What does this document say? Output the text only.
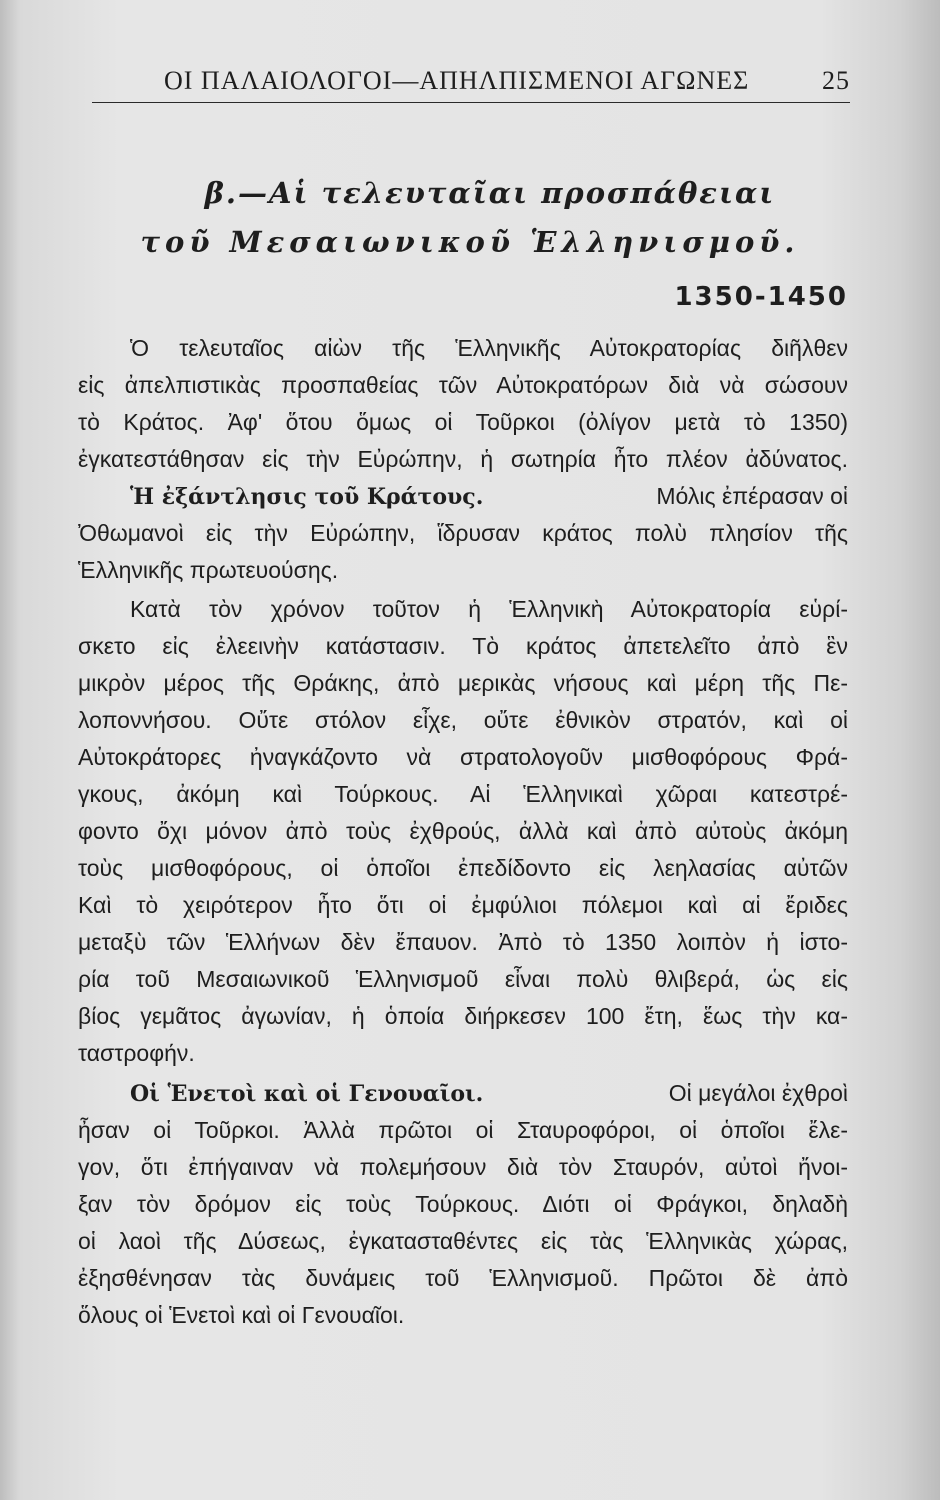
ΟΙ ΠΑΛΑΙΟΛΟΓΟΙ—ΑΠΗΛΠΙΣΜΕΝΟΙ ΑΓΩΝΕΣ	25
β.—Αἱ τελευταῖαι προσπάθειαι
τοῦ Μεσαιωνικοῦ Ἑλληνισμοῦ.
1350-1450
Ὁ τελευταῖος αἰὼν τῆς Ἑλληνικῆς Αὐτοκρατορίας διῆλθεν
εἰς ἀπελπιστικὰς προσπαθείας τῶν Αὐτοκρατόρων διὰ νὰ σώσουν
τὸ Κράτος. Ἀφ' ὅτου ὅμως οἱ Τοῦρκοι (ὀλίγον μετὰ τὸ 1350)
ἐγκατεστάθησαν εἰς τὴν Εὐρώπην, ἡ σωτηρία ἦτο πλέον ἀδύνατος.
Ἡ ἐξάντλησις τοῦ Κράτους.	Μόλις ἐπέρασαν οἱ
Ὀθωμανοὶ εἰς τὴν Εὐρώπην, ἵδρυσαν κράτος πολὺ πλησίον τῆς
Ἑλληνικῆς πρωτευούσης.
Κατὰ τὸν χρόνον τοῦτον ἡ Ἑλληνικὴ Αὐτοκρατορία εὑρί-
σκετο εἰς ἐλεεινὴν κατάστασιν. Τὸ κράτος ἀπετελεῖτο ἀπὸ ἓν
μικρὸν μέρος τῆς Θράκης, ἀπὸ μερικὰς νήσους καὶ μέρη τῆς Πε-
λοποννήσου. Οὔτε στόλον εἶχε, οὔτε ἐθνικὸν στρατόν, καὶ οἱ
Αὐτοκράτορες ἠναγκάζοντο νὰ στρατολογοῦν μισθοφόρους Φρά-
γκους, ἀκόμη καὶ Τούρκους. Αἱ Ἑλληνικαὶ χῶραι κατεστρέ-
φοντο ὄχι μόνον ἀπὸ τοὺς ἐχθρούς, ἀλλὰ καὶ ἀπὸ αὐτοὺς ἀκόμη
τοὺς μισθοφόρους, οἱ ὁποῖοι ἐπεδίδοντο εἰς λεηλασίας αὐτῶν
Καὶ τὸ χειρότερον ἦτο ὅτι οἱ ἐμφύλιοι πόλεμοι καὶ αἱ ἔριδες
μεταξὺ τῶν Ἑλλήνων δὲν ἔπαυον. Ἀπὸ τὸ 1350 λοιπὸν ἡ ἱστο-
ρία τοῦ Μεσαιωνικοῦ Ἑλληνισμοῦ εἶναι πολὺ θλιβερά, ὡς εἰς
βίος γεμᾶτος ἀγωνίαν, ἡ ὁποία διήρκεσεν 100 ἔτη, ἕως τὴν κα-
ταστροφήν.
Οἱ Ἑνετοὶ καὶ οἱ Γενουαῖοι.	Οἱ μεγάλοι ἐχθροὶ
ἦσαν οἱ Τοῦρκοι. Ἀλλὰ πρῶτοι οἱ Σταυροφόροι, οἱ ὁποῖοι ἔλε-
γον, ὅτι ἐπήγαιναν νὰ πολεμήσουν διὰ τὸν Σταυρόν, αὐτοὶ ἤνοι-
ξαν τὸν δρόμον εἰς τοὺς Τούρκους. Διότι οἱ Φράγκοι, δηλαδὴ
οἱ λαοὶ τῆς Δύσεως, ἐγκατασταθέντες εἰς τὰς Ἑλληνικὰς χώρας,
ἐξησθένησαν τὰς δυνάμεις τοῦ Ἑλληνισμοῦ. Πρῶτοι δὲ ἀπὸ
ὅλους οἱ Ἑνετοὶ καὶ οἱ Γενουαῖοι.
